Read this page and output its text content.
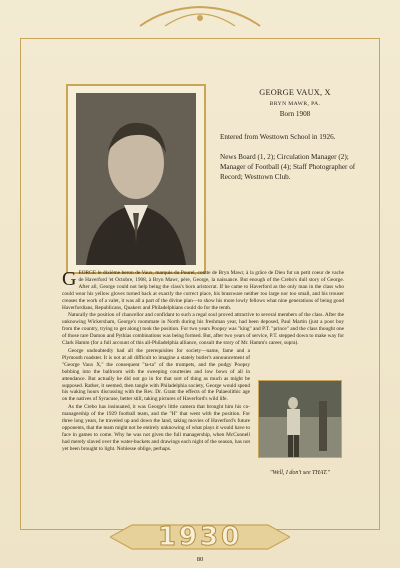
GEORGE VAUX, X
BRYN MAWR, PA.
Born 1908
Entered from Westtown School in 1926.
News Board (1, 2); Circulation Manager (2); Manager of Football (4); Staff Photographer of Record; Westtown Club.

GEORGE le dixième beron de Vaux, marquis du Pourel, comte de Bryn Mawr, à la grâce de Dieu fut un petit coeur de vache de Haverford 'et Octobre, 1908, à Bryn Mawr, père, George, la naissance. But enough of the Crebo's dull story of George. After all, George could not help being the class's born aristocrat. If he came to Haverford as the only man in the class who could wear his yellow gloves turned back at exactly the correct place, his brassware neither too large nor too small, and his trouser creases the work of a valet, it was all a part of the divine plan—to show his more lowly fellows what nine generations of being good Haverfordians, Republicans, Quakers and Philadelphians could do for the tenth.

Naturally the position of chancellor and confidant to such a regal soul proved attractive to several members of the class. After the unknowing Wickersham, George's roommate in North during his freshman year, had been deposed, Paul Martin (just a poor boy from the country, trying to get along) took the position. For two years Poopsy was "king" and P.T. "prince" and the class thought one of those rare Damon and Pythias combinations was being formed. But, after two years of service, P.T. stepped down to make way for Clark Hamm (for a full account of this all-Philadelphia alliance, consult the story of Mr. Hamm's career, supra).

George undoubtedly had all the prerequisites for society—name, fame and a Plymouth roadster. It is not at all difficult to imagine a stately butler's announcement of "George Vaux X," the consequent "ta-ta" of the trumpets, and the pudgy Poopsy bobbing into the ballroom with the sweeping courtesies and low bows of all in attendance. But actually he did not go in for that sort of thing as much as might be supposed. Rather, it seemed, then tangle with Philadelphia society, George would spend his waking hours discussing with the Rev. Dr. Grant the effects of the Palaeolithic age on the natives of Syracuse, better still, taking pictures of Haverford's wild life.

As the Crebo has insinuated, it was George's little camera that brought him his co-managership of the 1929 football team, and the "H" that went with the position. For three long years, he traveled up and down the land, taking movies of Haverford's future opponents, that the team might not be entirely unknowing of what plays it would have to face in games to come. Why he was not given the full managership, when McConnell had merely slaved over the water-buckets and drawings each night of the season, has not yet been brought to light. Noblesse oblige, perhaps.

"Well, I don't see THAT."
1930
80
